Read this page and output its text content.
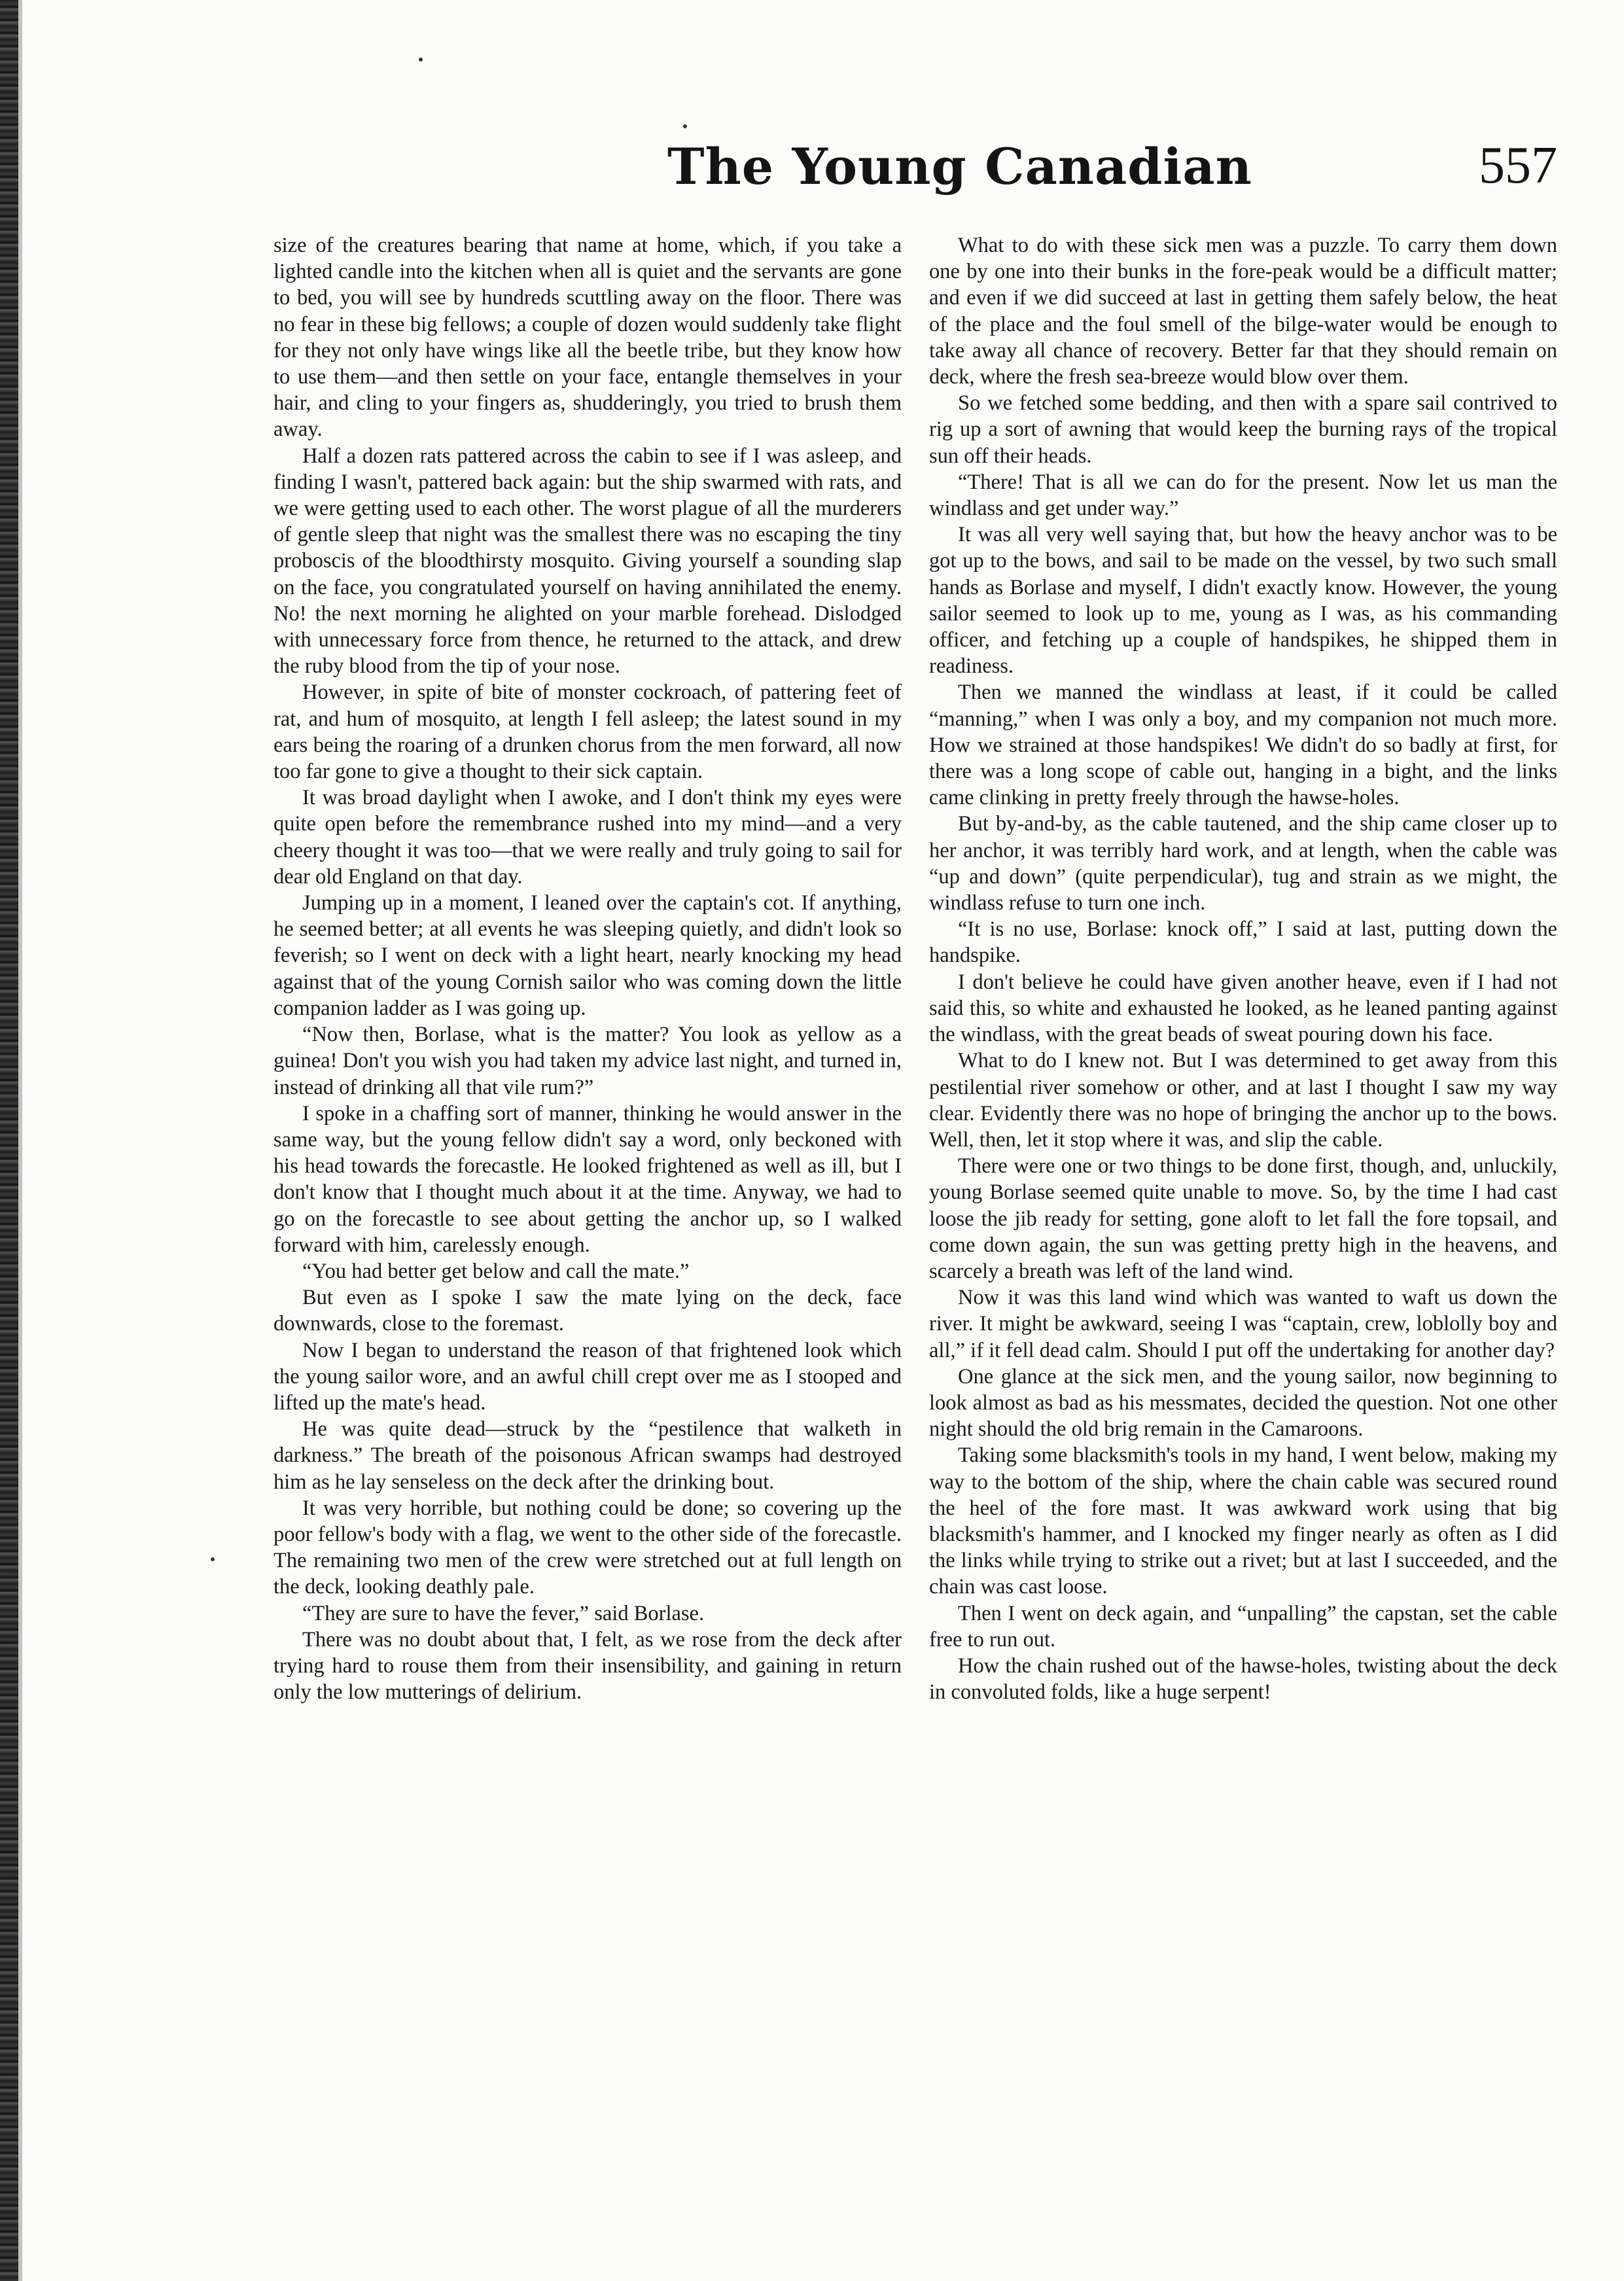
The Young Canadian	557

size of the creatures bearing that name at home, which, if you take a lighted candle into the kitchen when all is quiet and the servants are gone to bed, you will see by hundreds scuttling away on the floor. There was no fear in these big fellows; a couple of dozen would suddenly take flight for they not only have wings like all the beetle tribe, but they know how to use them—and then settle on your face, entangle themselves in your hair, and cling to your fingers as, shudderingly, you tried to brush them away.

Half a dozen rats pattered across the cabin to see if I was asleep, and finding I wasn't, pattered back again: but the ship swarmed with rats, and we were getting used to each other. The worst plague of all the murderers of gentle sleep that night was the smallest there was no escaping the tiny proboscis of the bloodthirsty mosquito. Giving yourself a sounding slap on the face, you congratulated yourself on having annihilated the enemy. No! the next morning he alighted on your marble forehead. Dislodged with unnecessary force from thence, he returned to the attack, and drew the ruby blood from the tip of your nose.

However, in spite of bite of monster cockroach, of pattering feet of rat, and hum of mosquito, at length I fell asleep; the latest sound in my ears being the roaring of a drunken chorus from the men forward, all now too far gone to give a thought to their sick captain.

It was broad daylight when I awoke, and I don't think my eyes were quite open before the remembrance rushed into my mind—and a very cheery thought it was too—that we were really and truly going to sail for dear old England on that day.

Jumping up in a moment, I leaned over the captain's cot. If anything, he seemed better; at all events he was sleeping quietly, and didn't look so feverish; so I went on deck with a light heart, nearly knocking my head against that of the young Cornish sailor who was coming down the little companion ladder as I was going up.

“Now then, Borlase, what is the matter? You look as yellow as a guinea! Don't you wish you had taken my advice last night, and turned in, instead of drinking all that vile rum?”

I spoke in a chaffing sort of manner, thinking he would answer in the same way, but the young fellow didn't say a word, only beckoned with his head towards the forecastle. He looked frightened as well as ill, but I don't know that I thought much about it at the time. Anyway, we had to go on the forecastle to see about getting the anchor up, so I walked forward with him, carelessly enough.

“You had better get below and call the mate.”

But even as I spoke I saw the mate lying on the deck, face downwards, close to the foremast.

Now I began to understand the reason of that frightened look which the young sailor wore, and an awful chill crept over me as I stooped and lifted up the mate's head.

He was quite dead—struck by the “pestilence that walketh in darkness.” The breath of the poisonous African swamps had destroyed him as he lay senseless on the deck after the drinking bout.

It was very horrible, but nothing could be done; so covering up the poor fellow's body with a flag, we went to the other side of the forecastle. The remaining two men of the crew were stretched out at full length on the deck, looking deathly pale.

“They are sure to have the fever,” said Borlase.

There was no doubt about that, I felt, as we rose from the deck after trying hard to rouse them from their insensibility, and gaining in return only the low mutterings of delirium.

What to do with these sick men was a puzzle. To carry them down one by one into their bunks in the fore-peak would be a difficult matter; and even if we did succeed at last in getting them safely below, the heat of the place and the foul smell of the bilge-water would be enough to take away all chance of recovery. Better far that they should remain on deck, where the fresh sea-breeze would blow over them.

So we fetched some bedding, and then with a spare sail contrived to rig up a sort of awning that would keep the burning rays of the tropical sun off their heads.

“There! That is all we can do for the present. Now let us man the windlass and get under way.”

It was all very well saying that, but how the heavy anchor was to be got up to the bows, and sail to be made on the vessel, by two such small hands as Borlase and myself, I didn't exactly know. However, the young sailor seemed to look up to me, young as I was, as his commanding officer, and fetching up a couple of handspikes, he shipped them in readiness.

Then we manned the windlass at least, if it could be called “manning,” when I was only a boy, and my companion not much more. How we strained at those handspikes! We didn't do so badly at first, for there was a long scope of cable out, hanging in a bight, and the links came clinking in pretty freely through the hawse-holes.

But by-and-by, as the cable tautened, and the ship came closer up to her anchor, it was terribly hard work, and at length, when the cable was “up and down” (quite perpendicular), tug and strain as we might, the windlass refuse to turn one inch.

“It is no use, Borlase: knock off,” I said at last, putting down the handspike.

I don't believe he could have given another heave, even if I had not said this, so white and exhausted he looked, as he leaned panting against the windlass, with the great beads of sweat pouring down his face.

What to do I knew not. But I was determined to get away from this pestilential river somehow or other, and at last I thought I saw my way clear. Evidently there was no hope of bringing the anchor up to the bows. Well, then, let it stop where it was, and slip the cable.

There were one or two things to be done first, though, and, unluckily, young Borlase seemed quite unable to move. So, by the time I had cast loose the jib ready for setting, gone aloft to let fall the fore topsail, and come down again, the sun was getting pretty high in the heavens, and scarcely a breath was left of the land wind.

Now it was this land wind which was wanted to waft us down the river. It might be awkward, seeing I was “captain, crew, loblolly boy and all,” if it fell dead calm. Should I put off the undertaking for another day?

One glance at the sick men, and the young sailor, now beginning to look almost as bad as his messmates, decided the question. Not one other night should the old brig remain in the Camaroons.

Taking some blacksmith's tools in my hand, I went below, making my way to the bottom of the ship, where the chain cable was secured round the heel of the fore mast. It was awkward work using that big blacksmith's hammer, and I knocked my finger nearly as often as I did the links while trying to strike out a rivet; but at last I succeeded, and the chain was cast loose.

Then I went on deck again, and “unpalling” the capstan, set the cable free to run out.

How the chain rushed out of the hawse-holes, twisting about the deck in convoluted folds, like a huge serpent!
